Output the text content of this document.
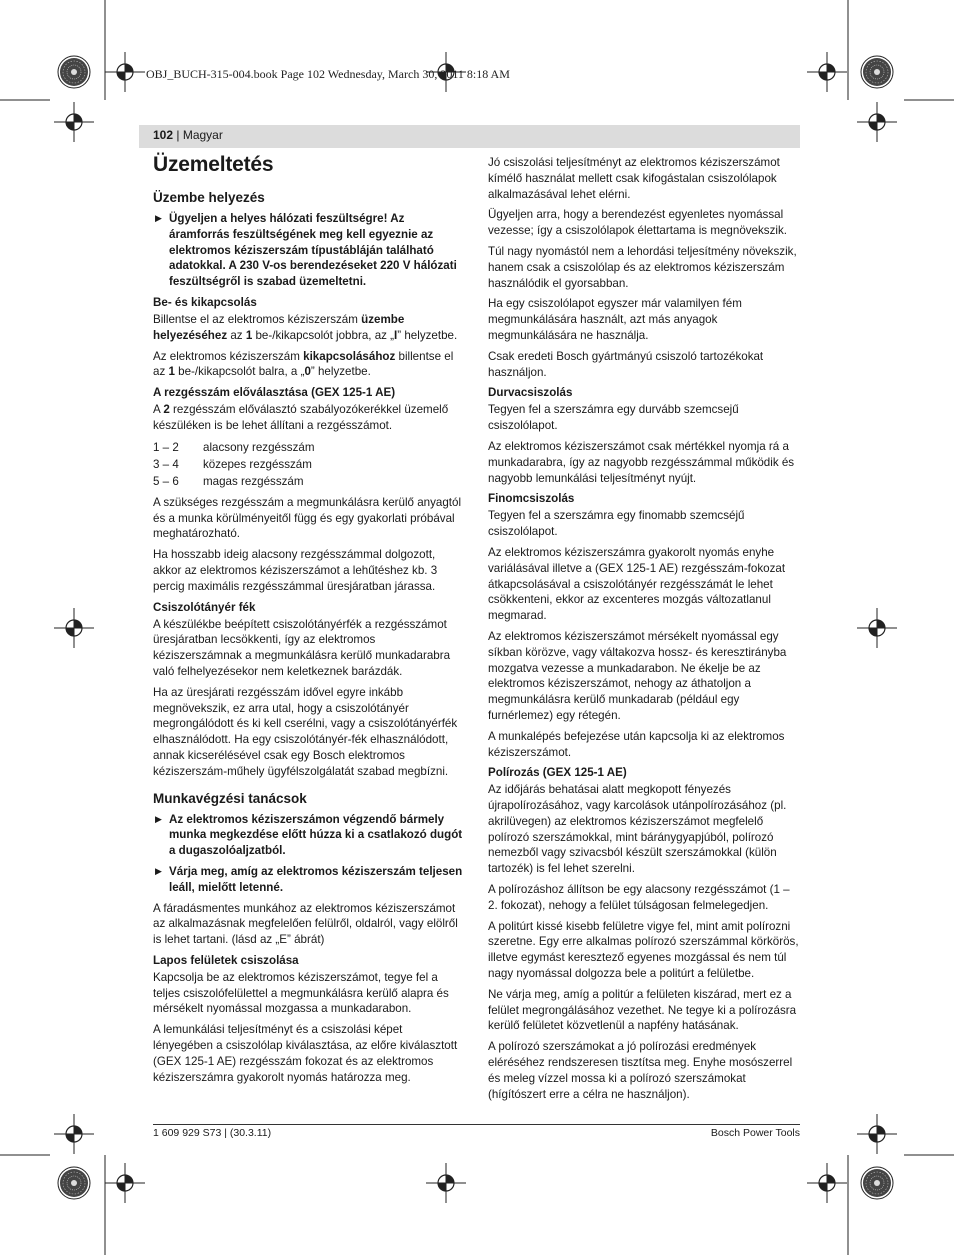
OBJ_BUCH-315-004.book Page 102 Wednesday, March 30, 2011 8:18 AM
102 | Magyar
Üzemeltetés
Üzembe helyezés
▶ Ügyeljen a helyes hálózati feszültségre! Az áramforrás feszültségének meg kell egyeznie az elektromos kéziszerszám típustábláján található adatokkal. A 230 V-os berendezéseket 220 V hálózati feszültségről is szabad üzemeltetni.
Be- és kikapcsolás

Billentse el az elektromos kéziszerszám üzembe helyezéséhez az 1 be-/kikapcsolót jobbra, az „I” helyzetbe.

Az elektromos kéziszerszám kikapcsolásához billentse el az 1 be-/kikapcsolót balra, a „0” helyzetbe.

A rezgésszám előválasztása (GEX 125-1 AE)

A 2 rezgésszám előválasztó szabályozókerékkel üzemelő készüléken is be lehet állítani a rezgésszámot.

1 – 2	alacsony rezgésszám
3 – 4	közepes rezgésszám
5 – 6	magas rezgésszám

A szükséges rezgésszám a megmunkálásra kerülő anyagtól és a munka körülményeitől függ és egy gyakorlati próbával meghatározható.

Ha hosszabb ideig alacsony rezgésszámmal dolgozott, akkor az elektromos kéziszerszámot a lehűtéshez kb. 3 percig maximális rezgésszámmal üresjáratban járassa.

Csiszolótányér fék

A készülékbe beépített csiszolótányérfék a rezgésszámot üresjáratban lecsökkenti, így az elektromos kéziszerszámnak a megmunkálásra kerülő munkadarabra való felhelyezésekor nem keletkeznek barázdák.

Ha az üresjárati rezgésszám idővel egyre inkább megnövekszik, ez arra utal, hogy a csiszolótányér megrongálódott és ki kell cserélni, vagy a csiszolótányérfék elhasználódott. Ha egy csiszolótányér-fék elhasználódott, annak kicserélésével csak egy Bosch elektromos kéziszerszám-műhely ügyfélszolgálatát szabad megbízni.

Munkavégzési tanácsok
▶ Az elektromos kéziszerszámon végzendő bármely munka megkezdése előtt húzza ki a csatlakozó dugót a dugaszolóaljzatból.
▶ Várja meg, amíg az elektromos kéziszerszám teljesen leáll, mielőtt letenné.

A fáradásmentes munkához az elektromos kéziszerszámot az alkalmazásnak megfelelően felülről, oldalról, vagy elölről is lehet tartani. (lásd az „E” ábrát)

Lapos felületek csiszolása

Kapcsolja be az elektromos kéziszerszámot, tegye fel a teljes csiszolófelülettel a megmunkálásra kerülő alapra és mérsékelt nyomással mozgassa a munkadarabon.

A lemunkálási teljesítményt és a csiszolási képet lényegében a csiszolólap kiválasztása, az előre kiválasztott (GEX 125-1 AE) rezgésszám fokozat és az elektromos kéziszerszámra gyakorolt nyomás határozza meg.

Jó csiszolási teljesítményt az elektromos kéziszerszámot kímélő használat mellett csak kifogástalan csiszolólapok alkalmazásával lehet elérni.

Ügyeljen arra, hogy a berendezést egyenletes nyomással vezesse; így a csiszolólapok élettartama is megnövekszik.

Túl nagy nyomástól nem a lehordási teljesítmény növekszik, hanem csak a csiszolólap és az elektromos kéziszerszám használódik el gyorsabban.

Ha egy csiszolólapot egyszer már valamilyen fém megmunkálására használt, azt más anyagok megmunkálására ne használja.

Csak eredeti Bosch gyártmányú csiszoló tartozékokat használjon.

Durvacsiszolás

Tegyen fel a szerszámra egy durvább szemcsejű csiszolólapot.

Az elektromos kéziszerszámot csak mértékkel nyomja rá a munkadarabra, így az nagyobb rezgésszámmal működik és nagyobb lemunkálási teljesítményt nyújt.

Finomcsiszolás

Tegyen fel a szerszámra egy finomabb szemcséjű csiszolólapot.

Az elektromos kéziszerszámra gyakorolt nyomás enyhe variálásával illetve a (GEX 125-1 AE) rezgésszám-fokozat átkapcsolásával a csiszolótányér rezgésszámát le lehet csökkenteni, ekkor az excenteres mozgás változatlanul megmarad.

Az elektromos kéziszerszámot mérsékelt nyomással egy síkban körözve, vagy váltakozva hossz- és keresztirányba mozgatva vezesse a munkadarabon. Ne ékelje be az elektromos kéziszerszámot, nehogy az áthatoljon a megmunkálásra kerülő munkadarab (például egy furnérlemez) egy rétegén.

A munkalépés befejezése után kapcsolja ki az elektromos kéziszerszámot.

Polírozás (GEX 125-1 AE)

Az időjárás behatásai alatt megkopott fényezés újrapolírozásához, vagy karcolások utánpolírozásához (pl. akrilüvegen) az elektromos kéziszerszámot megfelelő polírozó szerszámokkal, mint báránygyapjúból, polírozó nemezből vagy szivacsból készült szerszámokkal (külön tartozék) is fel lehet szerelni.

A polírozáshoz állítson be egy alacsony rezgésszámot (1 – 2. fokozat), nehogy a felület túlságosan felmelegedjen.

A politúrt kissé kisebb felületre vigye fel, mint amit polírozni szeretne. Egy erre alkalmas polírozó szerszámmal körkörös, illetve egymást keresztező egyenes mozgással és nem túl nagy nyomással dolgozza bele a politúrt a felületbe.

Ne várja meg, amíg a politúr a felületen kiszárad, mert ez a felület megrongálásához vezethet. Ne tegye ki a polírozásra kerülő felületet közvetlenül a napfény hatásának.

A polírozó szerszámokat a jó polírozási eredmények eléréséhez rendszeresen tisztítsa meg. Enyhe mosószerrel és meleg vízzel mossa ki a polírozó szerszámokat (hígítószert erre a célra ne használjon).

1 609 929 S73 | (30.3.11)	Bosch Power Tools
